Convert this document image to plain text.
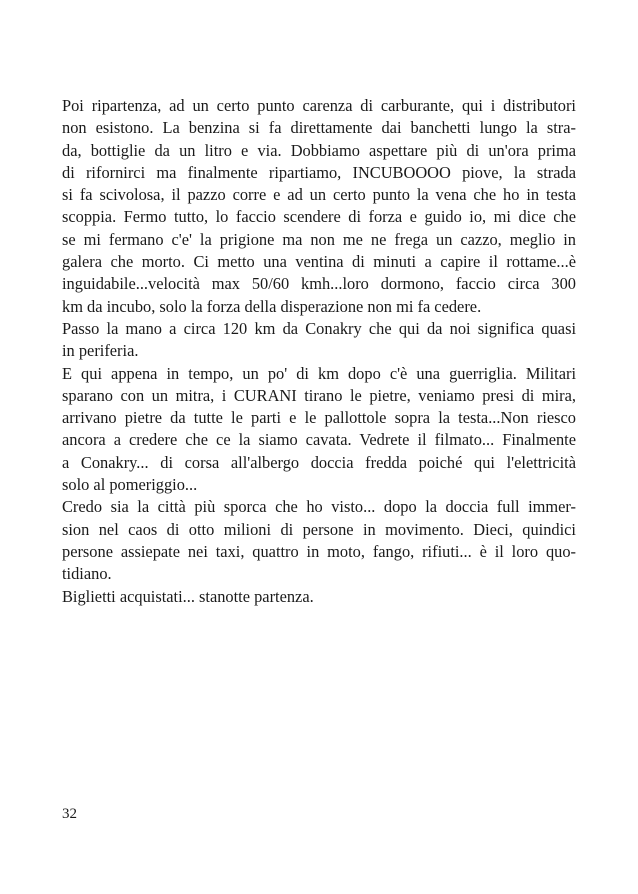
Poi ripartenza, ad un certo punto carenza di carburante, qui i distributori
non esistono. La benzina si fa direttamente dai banchetti lungo la stra-
da, bottiglie da un litro e via. Dobbiamo aspettare più di un'ora prima
di rifornirci ma finalmente ripartiamo, INCUBOOOO piove, la strada
si fa scivolosa, il pazzo corre e ad un certo punto la vena che ho in testa
scoppia. Fermo tutto, lo faccio scendere di forza e guido io, mi dice che
se mi fermano c'e' la prigione ma non me ne frega un cazzo, meglio in
galera che morto. Ci metto una ventina di minuti a capire il rottame...è
inguidabile...velocità max 50/60 kmh...loro dormono, faccio circa 300
km da incubo, solo la forza della disperazione non mi fa cedere.
Passo la mano a circa 120 km da Conakry che qui da noi significa quasi
in periferia.
E qui appena in tempo, un po' di km dopo c'è una guerriglia. Militari
sparano con un mitra, i CURANI tirano le pietre, veniamo presi di mira,
arrivano pietre da tutte le parti e le pallottole sopra la testa...Non riesco
ancora a credere che ce la siamo cavata. Vedrete il filmato... Finalmente
a Conakry... di corsa all'albergo doccia fredda poiché qui l'elettricità
solo al pomeriggio...
Credo sia la città più sporca che ho visto... dopo la doccia full immer-
sion nel caos di otto milioni di persone in movimento. Dieci, quindici
persone assiepate nei taxi, quattro in moto, fango, rifiuti... è il loro quo-
tidiano.
Biglietti acquistati... stanotte partenza.
32
